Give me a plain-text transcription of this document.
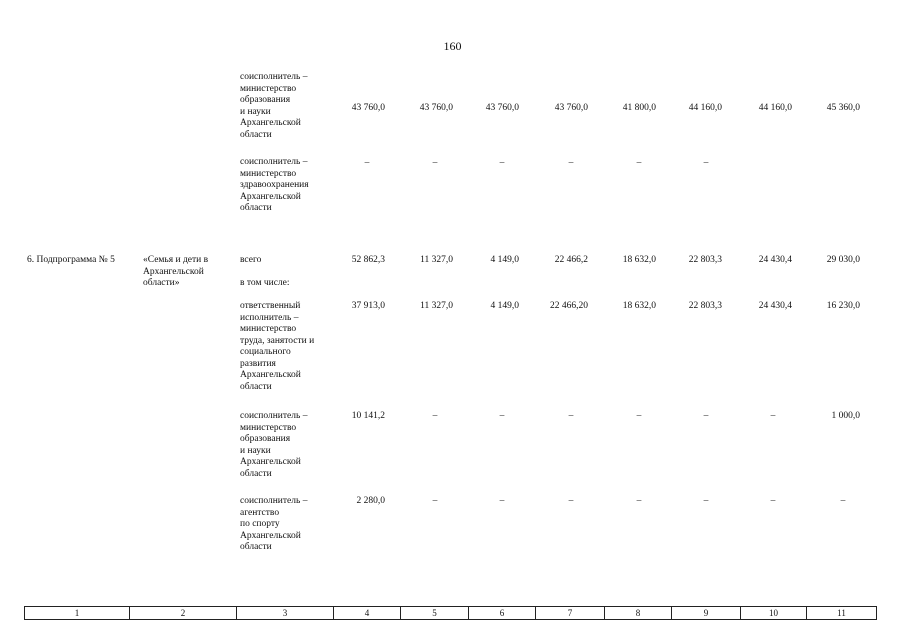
160
соисполнитель –
министерство
образования
и науки
Архангельской
области
43 760,0	43 760,0	43 760,0	43 760,0	41 800,0	44 160,0	44 160,0	45 360,0
соисполнитель –
министерство
здравоохранения
Архангельской
области
–	–	–	–	–	–
6. Подпрограмма № 5	«Семья и дети в Архангельской области»
всего
в том числе:
52 862,3	11 327,0	4 149,0	22 466,2	18 632,0	22 803,3	24 430,4	29 030,0
ответственный
исполнитель –
министерство
труда, занятости и
социального
развития
Архангельской
области
37 913,0	11 327,0	4 149,0	22 466,20	18 632,0	22 803,3	24 430,4	16 230,0
соисполнитель –
министерство
образования
и науки
Архангельской
области
10 141,2	–	–	–	–	–	–	1 000,0
соисполнитель –
агентство
по спорту
Архангельской
области
2 280,0	–	–	–	–	–	–	–
1	2	3	4	5	6	7	8	9	10	11
